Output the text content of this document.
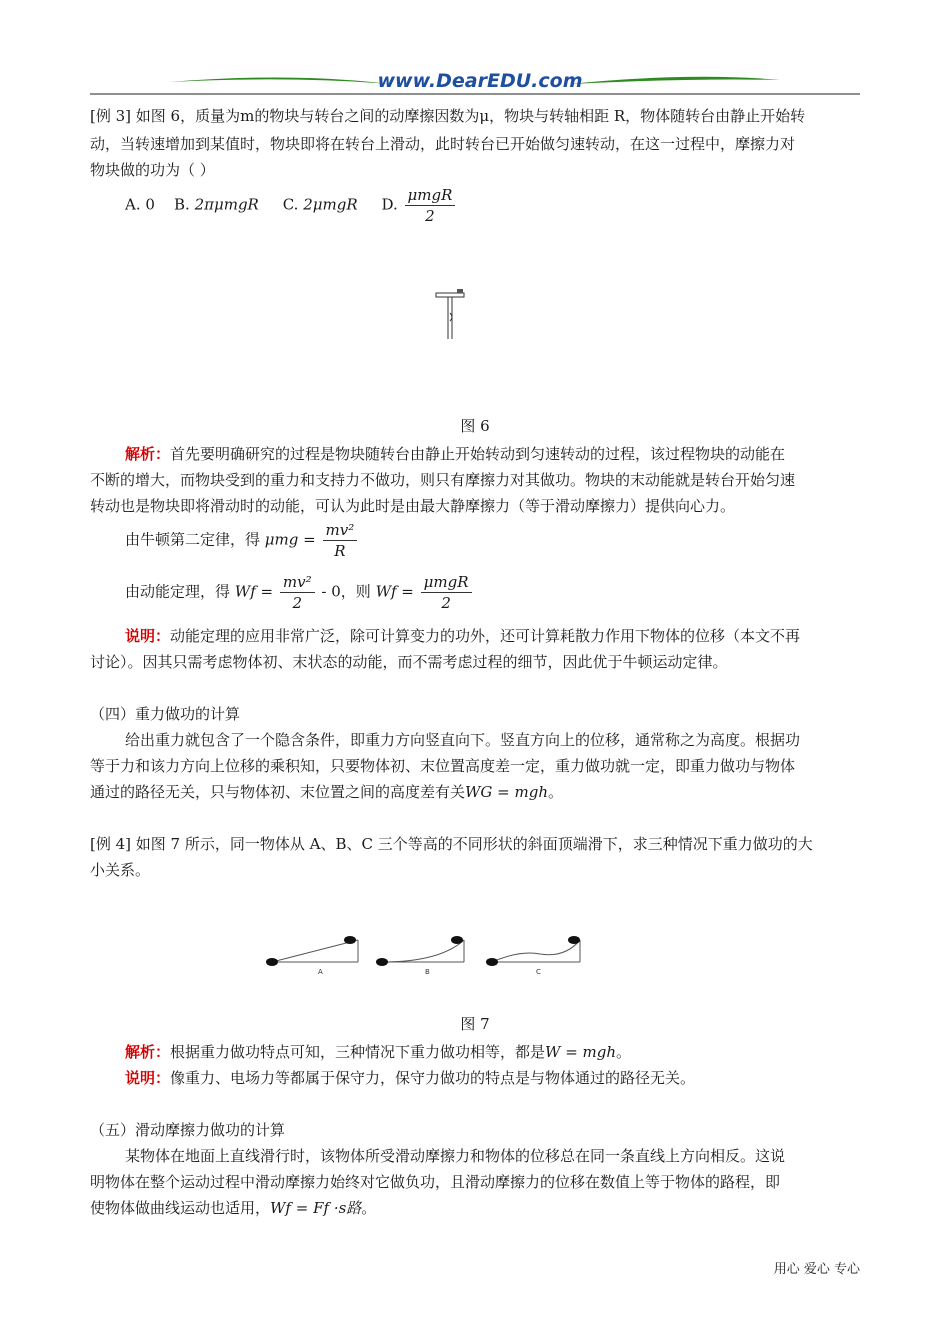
www.DearEDU.com
[例 3] 如图 6，质量为m的物块与转台之间的动摩擦因数为μ，物块与转轴相距 R，物体随转台由静止开始转
动，当转速增加到某值时，物块即将在转台上滑动，此时转台已开始做匀速转动，在这一过程中，摩擦力对
物块做的功为（ ）
A. 0 B. 2πμmgR C. 2μmgR D. $\frac{\text{μmgR}}{2}$
图 6
解析：首先要明确研究的过程是物块随转台由静止开始转动到匀速转动的过程，该过程物块的动能在
不断的增大，而物块受到的重力和支持力不做功，则只有摩擦力对其做功。物块的末动能就是转台开始匀速
转动也是物块即将滑动时的动能，可认为此时是由最大静摩擦力（等于滑动摩擦力）提供向心力。
由牛顿第二定律，得 $\mu mg = \frac{\text{mv²}}{R}$
由动能定理，得 $Wf = \frac{\text{mv²}}{2} - 0$，则 $Wf = \frac{\text{μmgR}}{2}$
说明：动能定理的应用非常广泛，除可计算变力的功外，还可计算耗散力作用下物体的位移（本文不再
讨论）。因其只需考虑物体初、末状态的动能，而不需考虑过程的细节，因此优于牛顿运动定律。
（四）重力做功的计算
给出重力就包含了一个隐含条件，即重力方向竖直向下。竖直方向上的位移，通常称之为高度。根据功
等于力和该力方向上位移的乘积知，只要物体初、末位置高度差一定，重力做功就一定，即重力做功与物体
通过的路径无关，只与物体初、末位置之间的高度差有关WG = mgh。
[例 4] 如图 7 所示，同一物体从 A、B、C 三个等高的不同形状的斜面顶端滑下，求三种情况下重力做功的大
小关系。
A	B	C
图 7
解析：根据重力做功特点可知，三种情况下重力做功相等，都是W = mgh。
说明：像重力、电场力等都属于保守力，保守力做功的特点是与物体通过的路径无关。
（五）滑动摩擦力做功的计算
某物体在地面上直线滑行时，该物体所受滑动摩擦力和物体的位移总在同一条直线上方向相反。这说
明物体在整个运动过程中滑动摩擦力始终对它做负功，且滑动摩擦力的位移在数值上等于物体的路程，即
使物体做曲线运动也适用，Wf = Ff ·s路。
用心 爱心 专心
